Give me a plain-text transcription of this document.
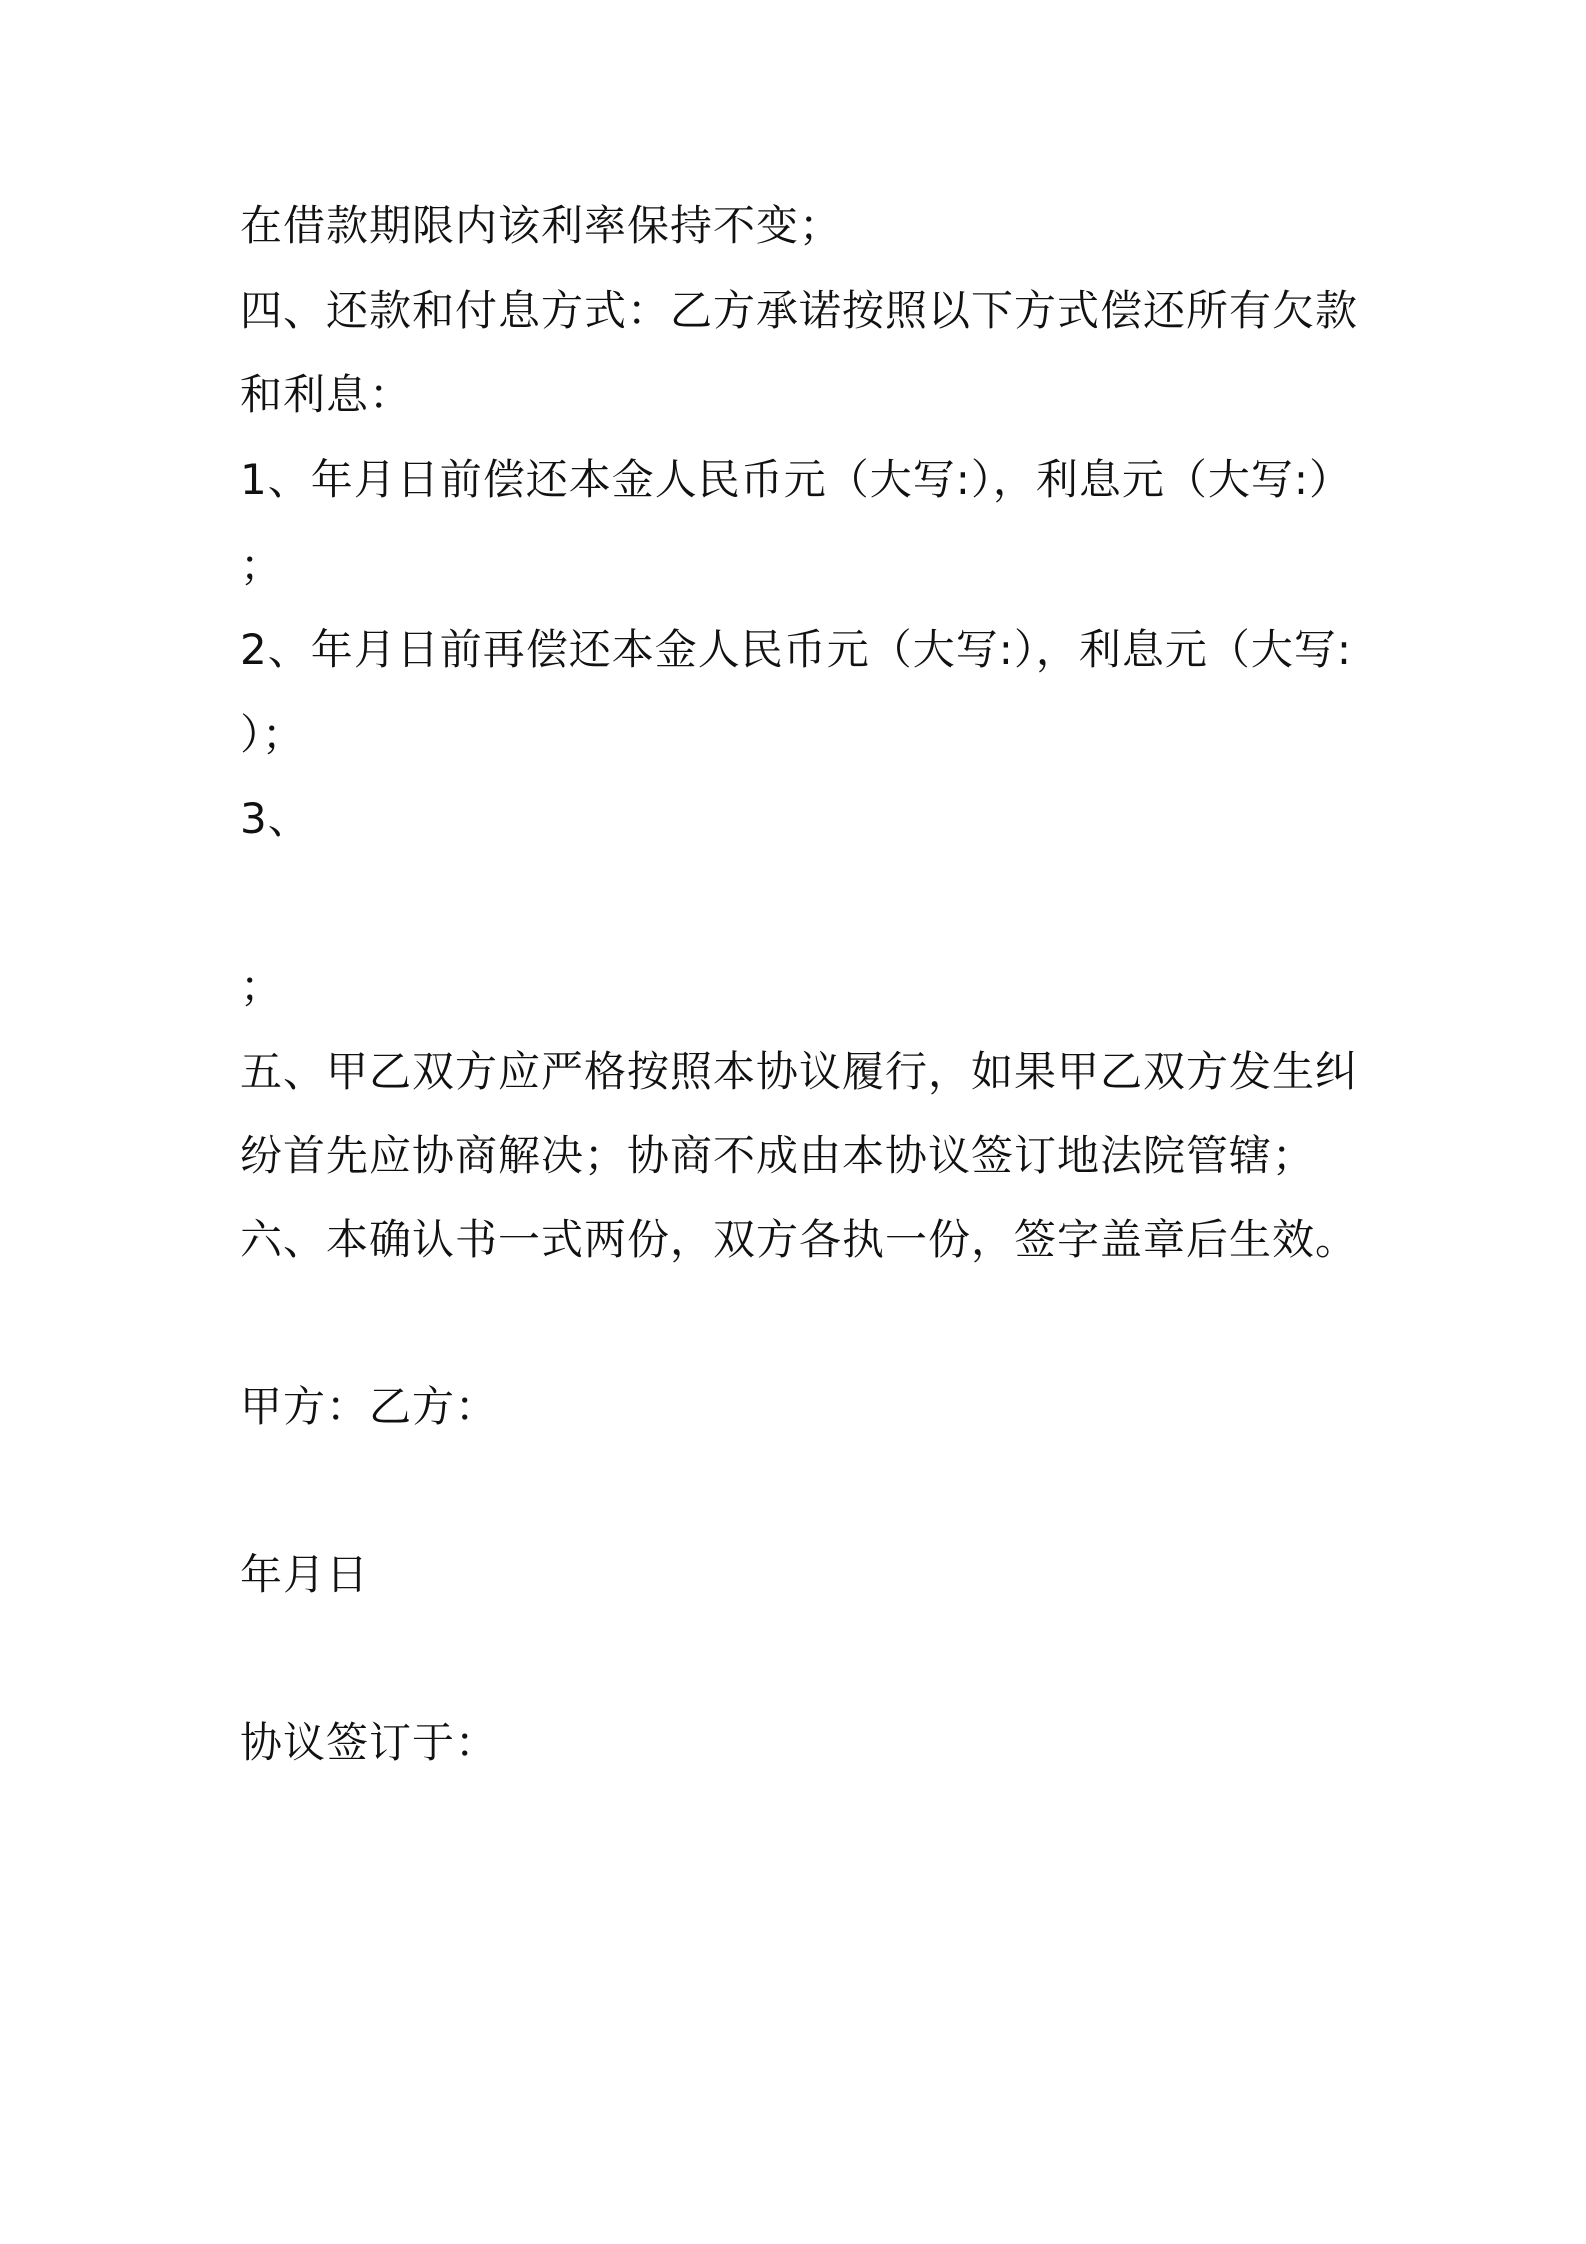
在借款期限内该利率保持不变；
四、还款和付息方式：乙方承诺按照以下方式偿还所有欠款
和利息：
1、年月日前偿还本金人民币元（大写:），利息元（大写:）
；
2、年月日前再偿还本金人民币元（大写:），利息元（大写:
）；
3、
；
五、甲乙双方应严格按照本协议履行，如果甲乙双方发生纠
纷首先应协商解决；协商不成由本协议签订地法院管辖；
六、本确认书一式两份，双方各执一份，签字盖章后生效。
甲方：乙方：
年月日
协议签订于：
